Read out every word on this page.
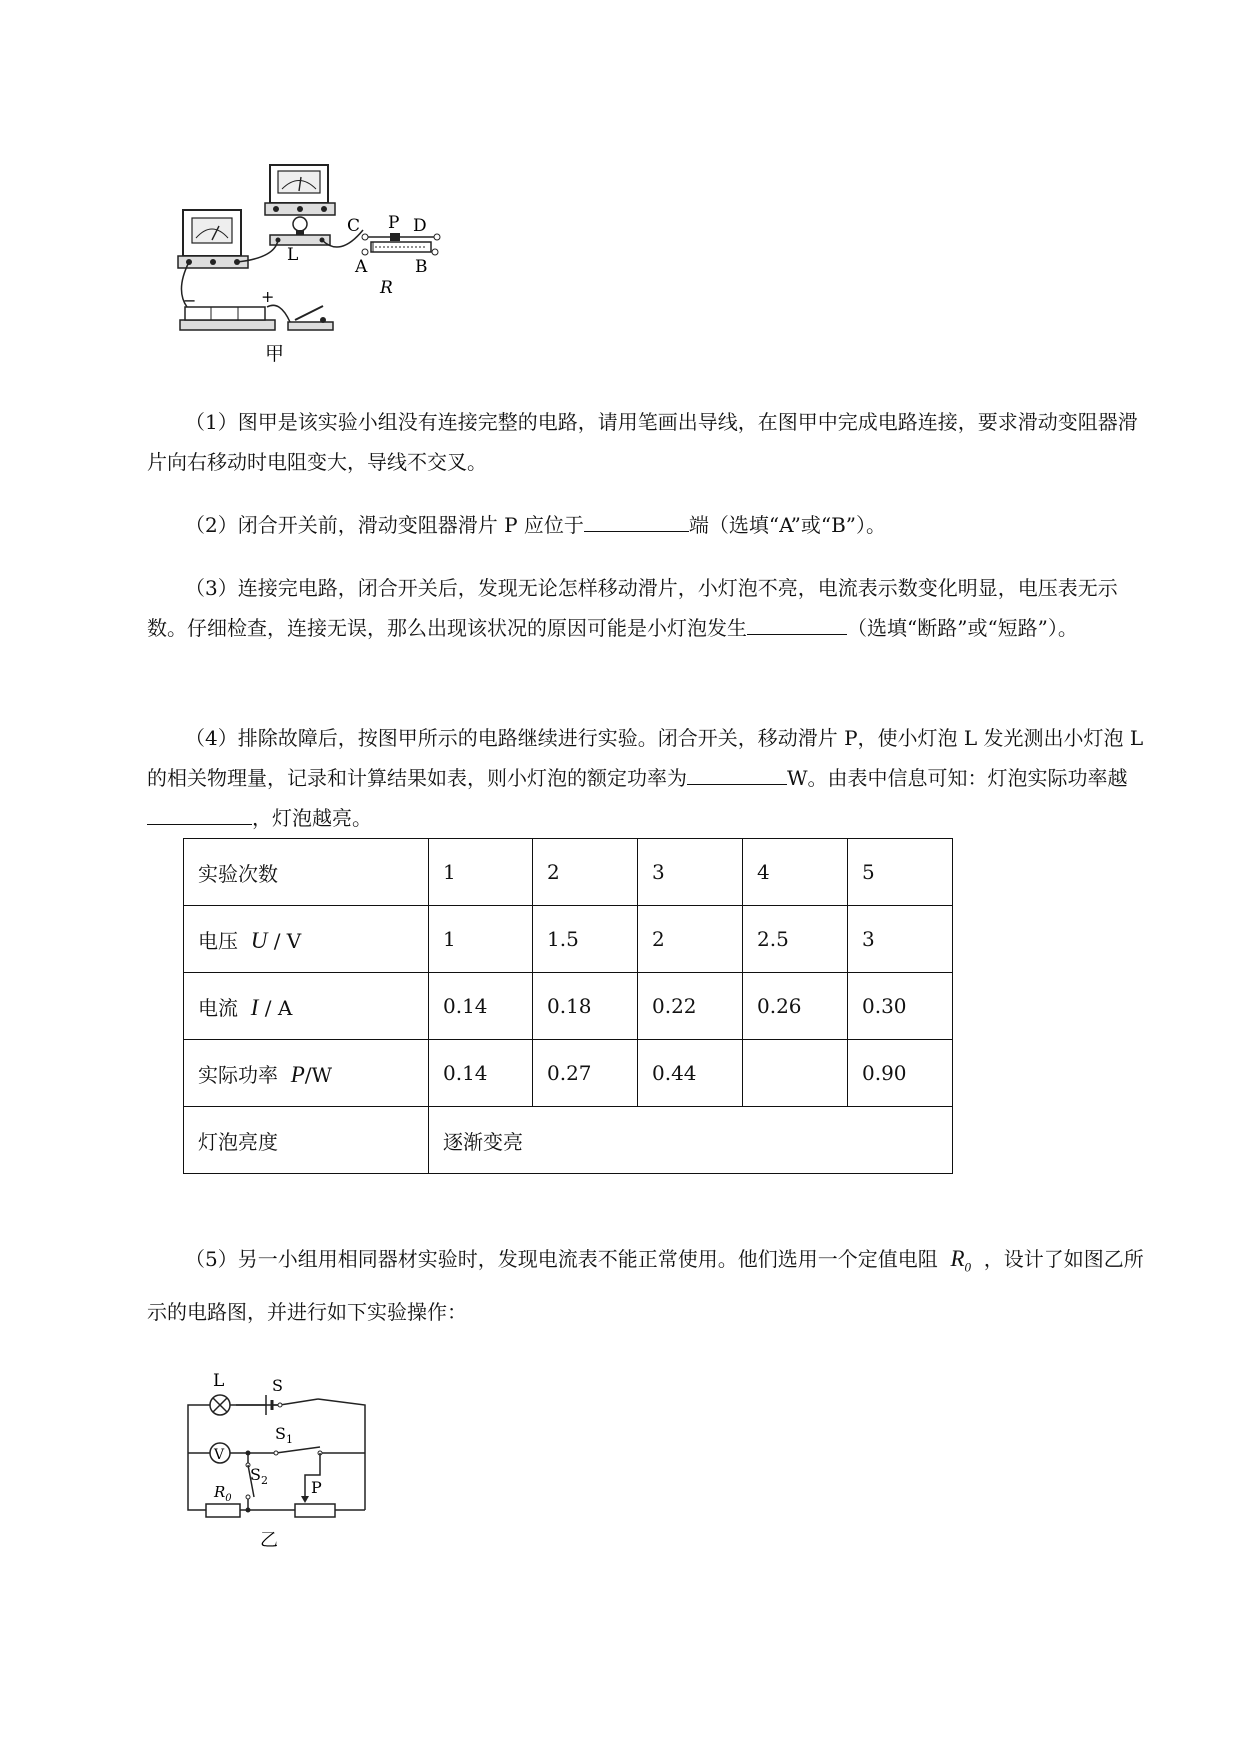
L
−	+
C P D
A	B
R
甲
（1）图甲是该实验小组没有连接完整的电路，请用笔画出导线，在图甲中完成电路连接，要求滑动变阻器滑片向右移动时电阻变大，导线不交叉。
（2）闭合开关前，滑动变阻器滑片 P 应位于	端（选填“A”或“B”）。
（3）连接完电路，闭合开关后，发现无论怎样移动滑片，小灯泡不亮，电流表示数变化明显，电压表无示数。仔细检查，连接无误，那么出现该状况的原因可能是小灯泡发生	（选填“断路”或“短路”）。
（4）排除故障后，按图甲所示的电路继续进行实验。闭合开关，移动滑片 P，使小灯泡 L 发光测出小灯泡 L 的相关物理量，记录和计算结果如表，则小灯泡的额定功率为	W。由表中信息可知：灯泡实际功率越，灯泡越亮。
实验次数	1	2	3	4	5
电压 U / V	1	1.5	2	2.5	3
电流 I / A	0.14	0.18	0.22	0.26	0.30
实际功率 P/W	0.14	0.27	0.44		0.90
灯泡亮度	逐渐变亮				
（5）另一小组用相同器材实验时，发现电流表不能正常使用。他们选用一个定值电阻 $R_0$ ，设计了如图乙所示的电路图，并进行如下实验操作：
V
L	S
$S_1$
$S_2$
$R_0$
P
乙
